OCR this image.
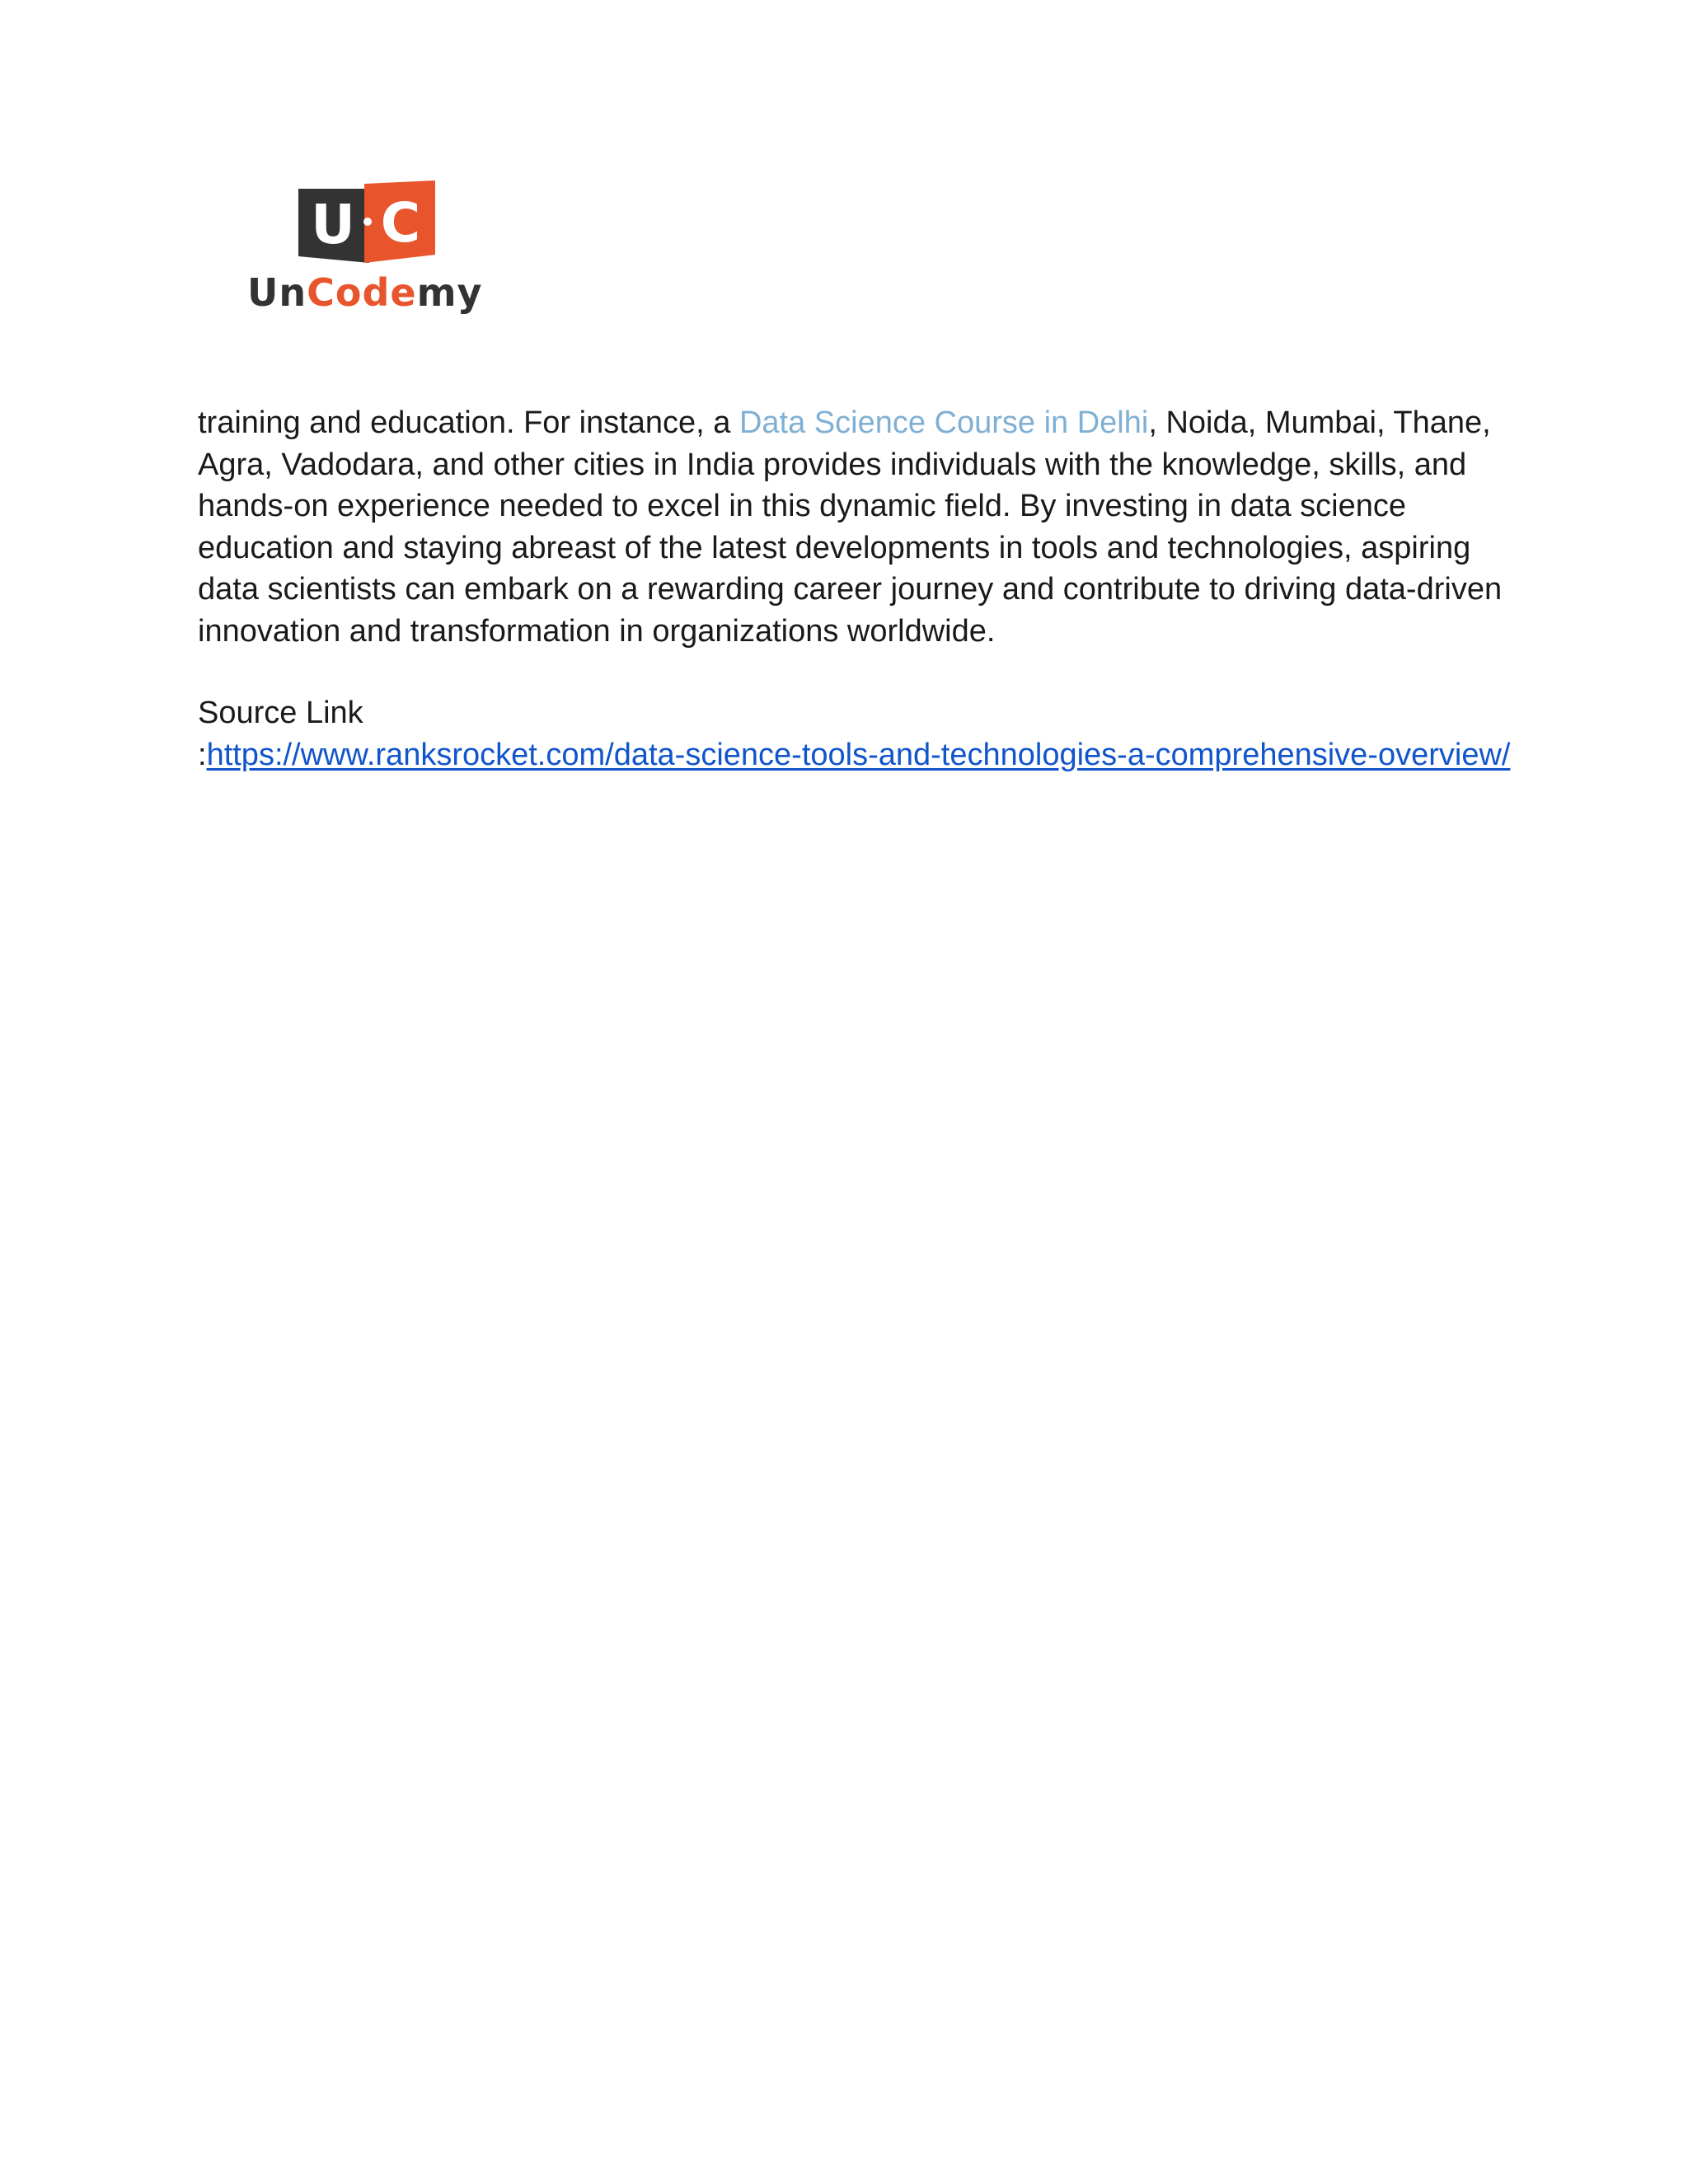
U C
UnCodemy

training and education. For instance, a Data Science Course in Delhi, Noida, Mumbai, Thane, Agra, Vadodara, and other cities in India provides individuals with the knowledge, skills, and hands-on experience needed to excel in this dynamic field. By investing in data science education and staying abreast of the latest developments in tools and technologies, aspiring data scientists can embark on a rewarding career journey and contribute to driving data-driven innovation and transformation in organizations worldwide.

Source Link
:https://www.ranksrocket.com/data-science-tools-and-technologies-a-comprehensive-overview/
